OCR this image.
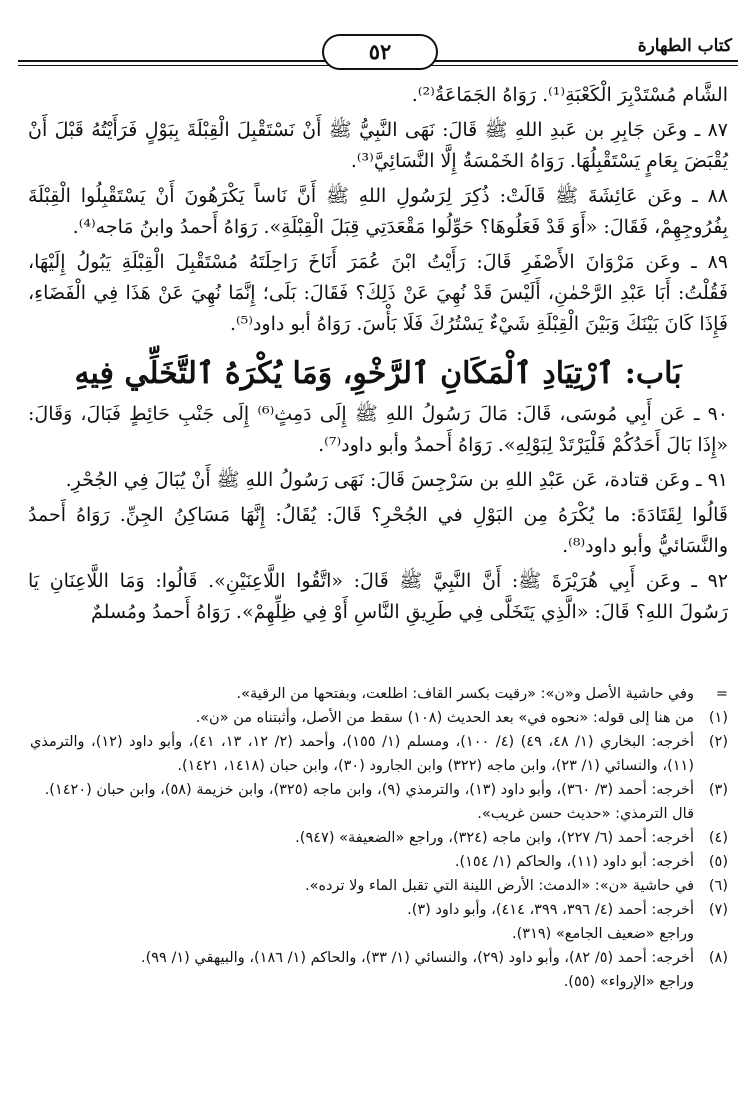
كتاب الطهارة
٥٢

الشَّام مُسْتَدْبِرَ الْكَعْبَةِ⁽¹⁾. رَوَاهُ الجَمَاعَةُ⁽²⁾.

٨٧ ـ وعَن جَابِرِ بن عَبدِ اللهِ ﷺ قَالَ: نَهَى النَّبِيُّ ﷺ أَنْ نَسْتَقْبِلَ الْقِبْلَةَ بِبَوْلٍ فَرَأَيْتُهُ قَبْلَ أَنْ

يُقْبَضَ بِعَامٍ يَسْتَقْبِلُهَا. رَوَاهُ الخَمْسَةُ إِلَّا النَّسَائِيَّ⁽³⁾.

٨٨ ـ وعَن عَائِشَةَ ﷺ قَالَتْ: ذُكِرَ لِرَسُولِ اللهِ ﷺ أَنَّ نَاساً يَكْرَهُونَ أَنْ يَسْتَقْبِلُوا الْقِبْلَةَ

بِفُرُوجِهِمْ، فَقَالَ: «أَوَ قَدْ فَعَلُوهَا؟ حَوِّلُوا مَقْعَدَتِي قِبَلَ الْقِبْلَةِ». رَوَاهُ أَحمدُ وابنُ مَاجه⁽⁴⁾.

٨٩ ـ وعَن مَرْوَانَ الأَصْفَرِ قَالَ: رَأَيْتُ ابْنَ عُمَرَ أَنَاخَ رَاحِلَتَهُ مُسْتَقْبِلَ الْقِبْلَةِ يَبُولُ إِلَيْهَا،

فَقُلْتُ: أَبَا عَبْدِ الرَّحْمٰنِ، أَلَيْسَ قَدْ نُهِيَ عَنْ ذَلِكَ؟ فَقَالَ: بَلَى؛ إِنَّمَا نُهِيَ عَنْ هَذَا فِي الْفَضَاءِ،

فَإِذَا كَانَ بَيْنَكَ وَبَيْنَ الْقِبْلَةِ شَيْءٌ يَسْتُرُكَ فَلَا بَأْسَ. رَوَاهُ أبو داود⁽⁵⁾.

بَاب: ٱرْتِيَادِ ٱلْمَكَانِ ٱلرَّخْوِ، وَمَا يُكْرَهُ ٱلتَّخَلِّي فِيهِ

٩٠ ـ عَن أَبِي مُوسَى، قَالَ: مَالَ رَسُولُ اللهِ ﷺ إِلَى دَمِثٍ⁽⁶⁾ إِلَى جَنْبِ حَائِطٍ فَبَالَ، وَقَالَ:

«إِذَا بَالَ أَحَدُكُمْ فَلْيَرْتَدْ لِبَوْلِهِ». رَوَاهُ أَحمدُ وأبو داود⁽⁷⁾.

٩١ ـ وعَن قتادة، عَن عَبْدِ اللهِ بن سَرْجِسَ قَالَ: نَهَى رَسُولُ اللهِ ﷺ أَنْ يُبَالَ فِي الجُحْرِ.

قَالُوا لِقَتَادَةَ: ما يُكْرَهُ مِن البَوْلِ في الجُحْرِ؟ قَالَ: يُقَالُ: إِنَّهَا مَسَاكِنُ الجِنِّ. رَوَاهُ أَحمدُ

والنَّسَائيُّ وأبو داود⁽⁸⁾.

٩٢ ـ وعَن أَبِي هُرَيْرَةَ ﷺ: أَنَّ النَّبِيَّ ﷺ قَالَ: «اتَّقُوا اللَّاعِنَيْنِ». قَالُوا: وَمَا اللَّاعِنَانِ يَا

رَسُولَ اللهِ؟ قَالَ: «الَّذِي يَتَخَلَّى فِي طَرِيقِ النَّاسِ أَوْ فِي ظِلِّهِمْ». رَوَاهُ أَحمدُ ومُسلمٌ

=
وفي حاشية الأصل و«ن»: «رقيت بكسر القاف: اطلعت، وبفتحها من الرقية».
(١)
من هنا إلى قوله: «نحوه في» بعد الحديث (١٠٨) سقط من الأصل، وأثبتناه من «ن».
(٢)
أخرجه: البخاري (١/ ٤٨، ٤٩) (٤/ ١٠٠)، ومسلم (١/ ١٥٥)، وأحمد (٢/ ١٢، ١٣، ٤١)، وأبو داود (١٢)، والترمذي (١١)، والنسائي (١/ ٢٣)، وابن ماجه (٣٢٢) وابن الجارود (٣٠)، وابن حبان (١٤١٨، ١٤٢١).
(٣)
أخرجه: أحمد (٣/ ٣٦٠)، وأبو داود (١٣)، والترمذي (٩)، وابن ماجه (٣٢٥)، وابن خزيمة (٥٨)، وابن حبان (١٤٢٠).
قال الترمذي: «حديث حسن غريب».
(٤)
أخرجه: أحمد (٦/ ٢٢٧)، وابن ماجه (٣٢٤)، وراجع «الضعيفة» (٩٤٧).
(٥)
أخرجه: أبو داود (١١)، والحاكم (١/ ١٥٤).
(٦)
في حاشية «ن»: «الدمث: الأرض اللينة التي تقبل الماء ولا ترده».
(٧)
أخرجه: أحمد (٤/ ٣٩٦، ٣٩٩، ٤١٤)، وأبو داود (٣).
وراجع «ضعيف الجامع» (٣١٩).
(٨)
أخرجه: أحمد (٥/ ٨٢)، وأبو داود (٢٩)، والنسائي (١/ ٣٣)، والحاكم (١/ ١٨٦)، والبيهقي (١/ ٩٩).
وراجع «الإرواء» (٥٥).
